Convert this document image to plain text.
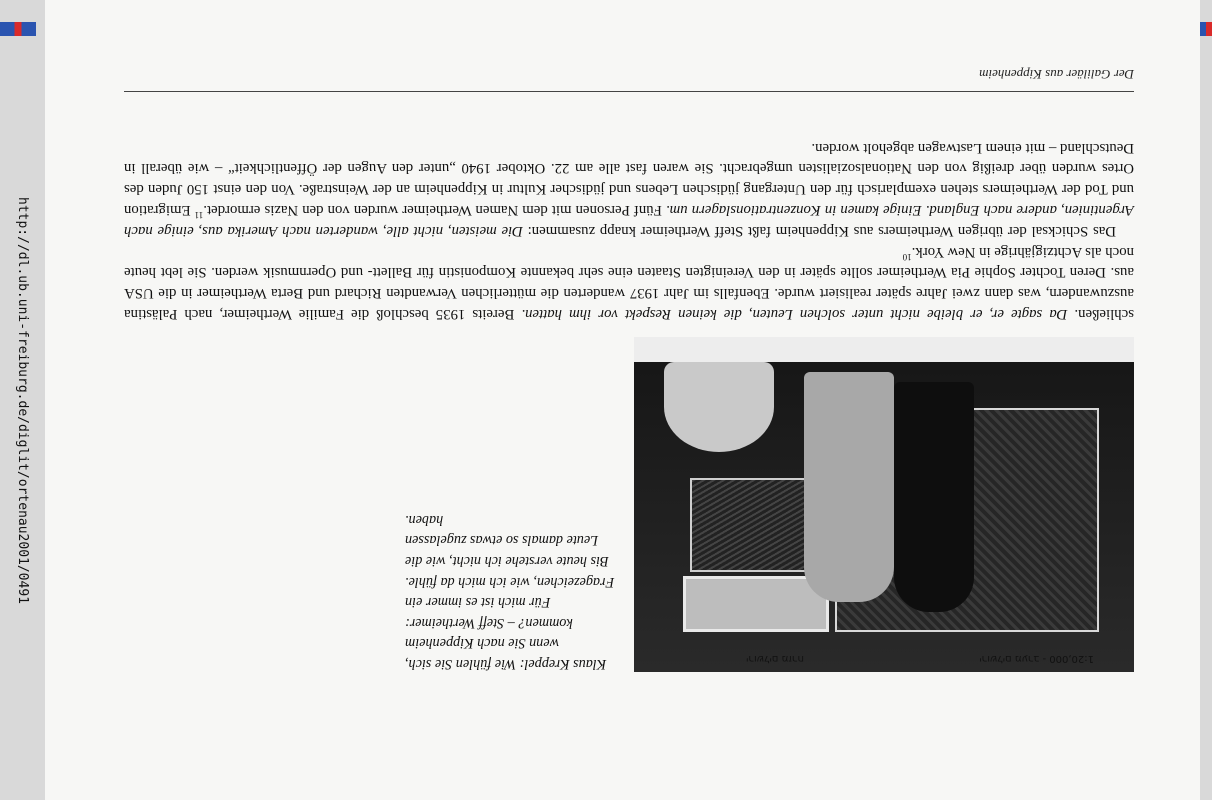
http://dl.ub.uni-freiburg.de/diglit/ortenau2001/0491
Der Galiläer aus Kippenheim
ירושלים מערב - 1:20,000
ירושלים מזרח

Klaus Kreppel: Wie fühlen Sie sich, wenn Sie nach Kippenheim kommen? – Steff Wertheimer:

Für mich ist es immer ein Fragezeichen, wie ich mich da fühle. Bis heute verstehe ich nicht, wie die Leute damals so etwas zugelassen haben.

schließen. Da sagte er, er bleibe nicht unter solchen Leuten, die keinen Respekt vor ihm hatten. Bereits 1935 beschloß die Familie Wertheimer, nach Palästina auszuwandern, was dann zwei Jahre später realisiert wurde. Ebenfalls im Jahr 1937 wanderten die mütterlichen Verwandten Richard und Berta Wertheimer in die USA aus. Deren Tochter Sophie Pia Wertheimer sollte später in den Vereinigten Staaten eine sehr bekannte Komponistin für Ballett- und Opernmusik werden. Sie lebt heute noch als Achtzigjährige in New York.$^{10}$

Das Schicksal der übrigen Wertheimers aus Kippenheim faßt Steff Wertheimer knapp zusammen: Die meisten, nicht alle, wanderten nach Amerika aus, einige nach Argentinien, andere nach England. Einige kamen in Konzentrationslagern um. Fünf Personen mit dem Namen Wertheimer wurden von den Nazis ermordet.$^{11}$ Emigration und Tod der Wertheimers stehen exemplarisch für den Untergang jüdischen Lebens und jüdischer Kultur in Kippenheim an der Weinstraße. Von den einst 150 Juden des Ortes wurden über dreißig von den Nationalsozialisten umgebracht. Sie waren fast alle am 22. Oktober 1940 „unter den Augen der Öffentlichkeit“ – wie überall in Deutschland – mit einem Lastwagen abgeholt worden.
